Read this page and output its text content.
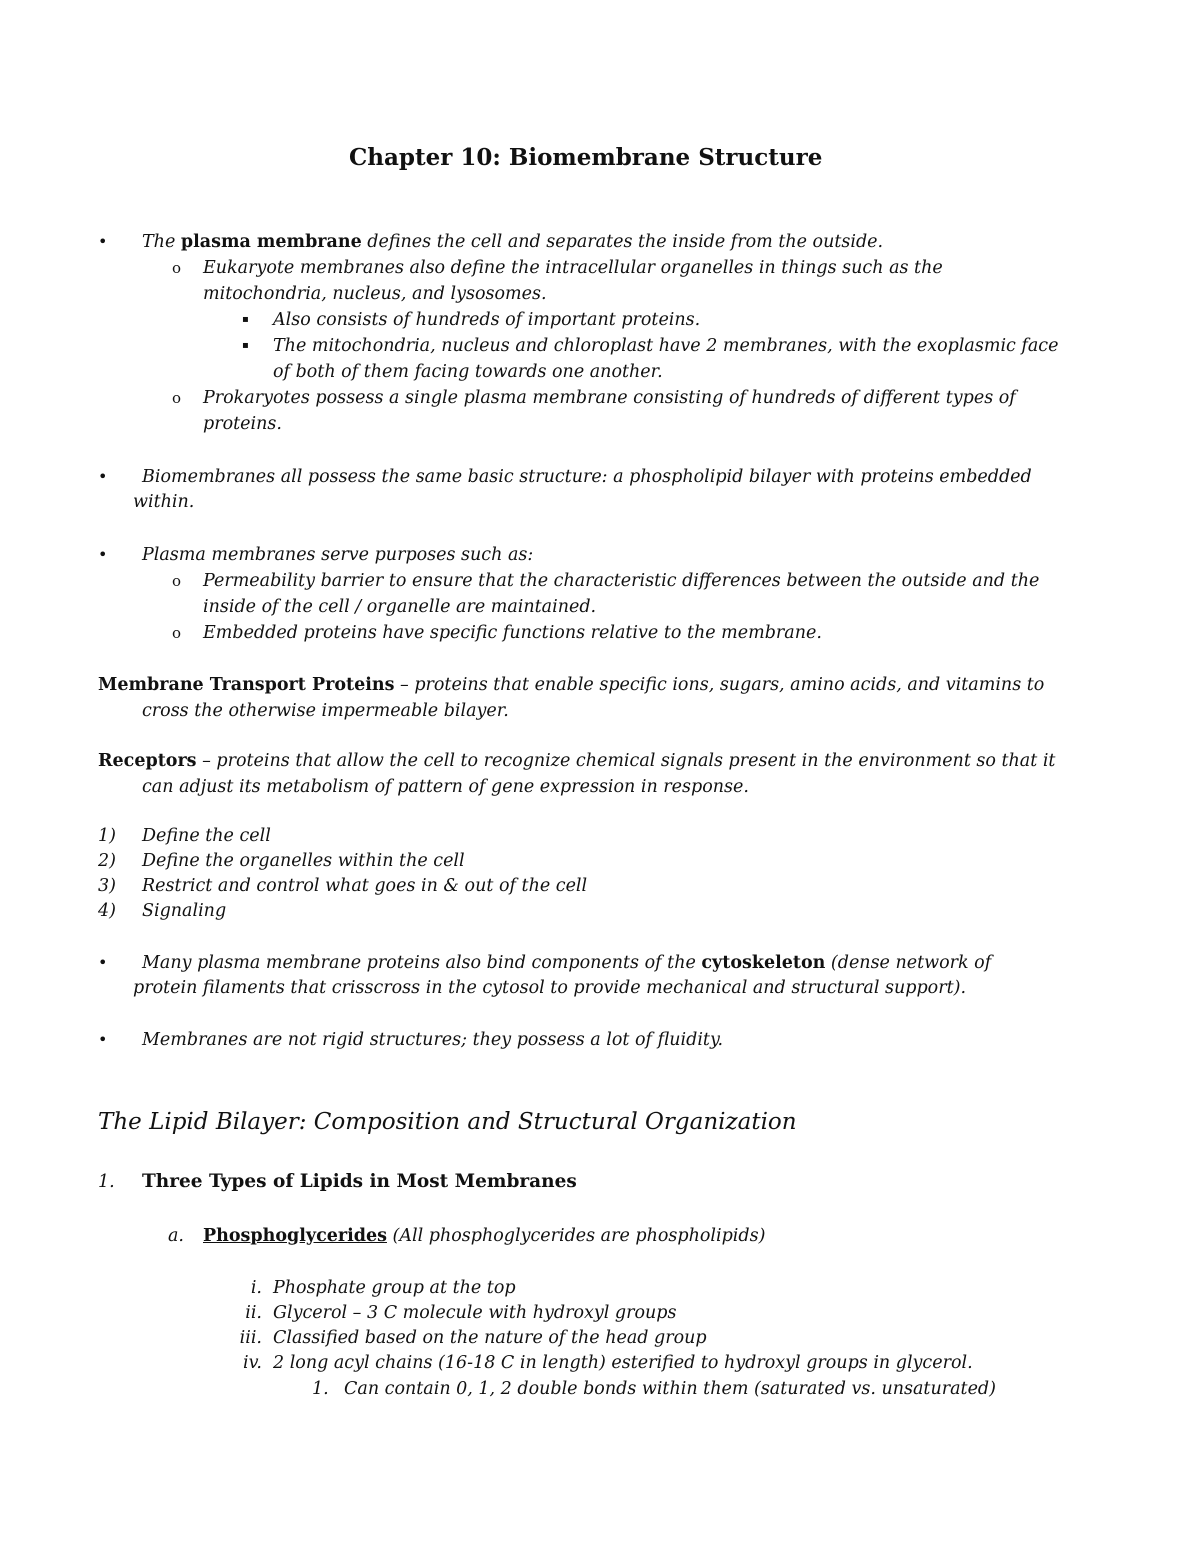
Chapter 10: Biomembrane Structure
• The plasma membrane defines the cell and separates the inside from the outside.
o Eukaryote membranes also define the intracellular organelles in things such as the
mitochondria, nucleus, and lysosomes.
▪ Also consists of hundreds of important proteins.
▪ The mitochondria, nucleus and chloroplast have 2 membranes, with the exoplasmic face
of both of them facing towards one another.
o Prokaryotes possess a single plasma membrane consisting of hundreds of different types of
proteins.
• Biomembranes all possess the same basic structure: a phospholipid bilayer with proteins embedded
within.
• Plasma membranes serve purposes such as:
o Permeability barrier to ensure that the characteristic differences between the outside and the
inside of the cell / organelle are maintained.
o Embedded proteins have specific functions relative to the membrane.
Membrane Transport Proteins – proteins that enable specific ions, sugars, amino acids, and vitamins to
cross the otherwise impermeable bilayer.
Receptors – proteins that allow the cell to recognize chemical signals present in the environment so that it
can adjust its metabolism of pattern of gene expression in response.
1) Define the cell
2) Define the organelles within the cell
3) Restrict and control what goes in & out of the cell
4) Signaling
• Many plasma membrane proteins also bind components of the cytoskeleton (dense network of
protein filaments that crisscross in the cytosol to provide mechanical and structural support).
• Membranes are not rigid structures; they possess a lot of fluidity.
The Lipid Bilayer: Composition and Structural Organization
1. Three Types of Lipids in Most Membranes
a. Phosphoglycerides (All phosphoglycerides are phospholipids)
i. Phosphate group at the top
ii. Glycerol – 3 C molecule with hydroxyl groups
iii. Classified based on the nature of the head group
iv. 2 long acyl chains (16-18 C in length) esterified to hydroxyl groups in glycerol.
1. Can contain 0, 1, 2 double bonds within them (saturated vs. unsaturated)
